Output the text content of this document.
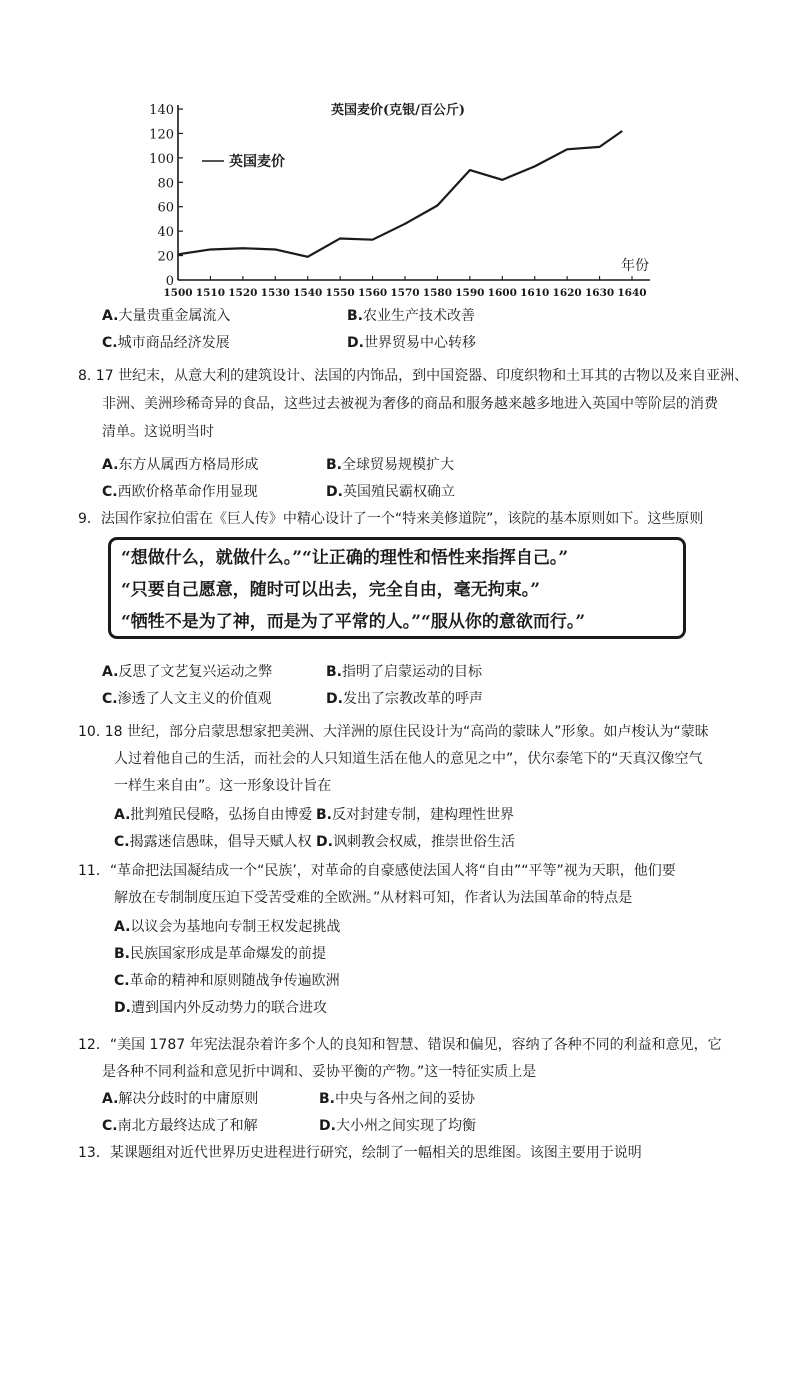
0
20
40
60
80
100
120
140
1500 1510 1520 1530 1540 1550 1560 1570 1580 1590 1600 1610 1620 1630 1640
英国麦价(克银/百公斤)
年份
英国麦价
A.大量贵重金属流入	B.农业生产技术改善
C.城市商品经济发展	D.世界贸易中心转移
8. 17 世纪末，从意大利的建筑设计、法国的内饰品，到中国瓷器、印度织物和土耳其的古物以及来自亚洲、
非洲、美洲珍稀奇异的食品，这些过去被视为奢侈的商品和服务越来越多地进入英国中等阶层的消费
清单。这说明当时
A.东方从属西方格局形成	B.全球贸易规模扩大
C.西欧价格革命作用显现	D.英国殖民霸权确立
9．法国作家拉伯雷在《巨人传》中精心设计了一个“特来美修道院”，该院的基本原则如下。这些原则
“想做什么，就做什么。”“让正确的理性和悟性来指挥自己。”
“只要自己愿意，随时可以出去，完全自由，毫无拘束。”
“牺牲不是为了神，而是为了平常的人。”“服从你的意欲而行。”
A.反思了文艺复兴运动之弊	B.指明了启蒙运动的目标
C.渗透了人文主义的价值观	D.发出了宗教改革的呼声
10. 18 世纪，部分启蒙思想家把美洲、大洋洲的原住民设计为“高尚的蒙昧人”形象。如卢梭认为“蒙昧
人过着他自己的生活，而社会的人只知道生活在他人的意见之中”，伏尔泰笔下的“天真汉像空气
一样生来自由”。这一形象设计旨在
A.批判殖民侵略，弘扬自由博爱 B.反对封建专制，建构理性世界
C.揭露迷信愚昧，倡导天赋人权 D.讽刺教会权威，推崇世俗生活
11．“革命把法国凝结成一个“民族’，对革命的自豪感使法国人将“自由”“平等”视为天职，他们要
解放在专制制度压迫下受苦受难的全欧洲。”从材料可知，作者认为法国革命的特点是
A.以议会为基地向专制王权发起挑战
B.民族国家形成是革命爆发的前提
C.革命的精神和原则随战争传遍欧洲
D.遭到国内外反动势力的联合进攻
12．“美国 1787 年宪法混杂着许多个人的良知和智慧、错误和偏见，容纳了各种不同的利益和意见，它
是各种不同利益和意见折中调和、妥协平衡的产物。”这一特征实质上是
A.解决分歧时的中庸原则	B.中央与各州之间的妥协
C.南北方最终达成了和解	D.大小州之间实现了均衡
13．某课题组对近代世界历史进程进行研究，绘制了一幅相关的思维图。该图主要用于说明
